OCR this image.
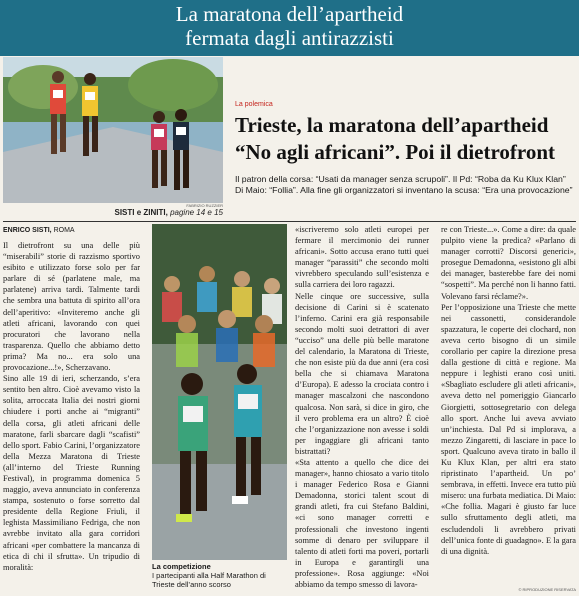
La maratona dell’apartheid
fermata dagli antirazzisti
FABRIZIO RUZZIER
La polemica
Trieste, la maratona dell’apartheid
“No agli africani”. Poi il dietrofront
Il patron della corsa: “Usati da manager senza scrupoli”. Il Pd: “Roba da Ku Klux Klan” Di Maio: “Follia”. Alla fine gli organizzatori si inventano la scusa: “Era una provocazione”
SISTI e ZINITI, pagine 14 e 15
ENRICO SISTI, ROMA

Il dietrofront su una delle più “miserabili” storie di razzismo sportivo esibito e utilizzato forse solo per far parlare di sé (parlatene male, ma parlatene) arriva tardi. Talmente tardi che sembra una battuta di spirito all’ora dell’aperitivo: «Inviteremo anche gli atleti africani, lavorando con quei procuratori che lavorano nella trasparenza. Quello che abbiamo detto prima? Ma no... era solo una provocazione...!», Scherzavano.

Sino alle 19 di ieri, scherzando, s’era sentito ben altro. Cioè avevamo visto la solita, arroccata Italia dei nostri giorni chiudere i porti anche ai “migranti” della corsa, gli atleti africani delle maratone, farli sbarcare dagli “scafisti” dello sport. Fabio Carini, l’organizzatore della Mezza Maratona di Trieste (all’interno del Trieste Running Festival), in programma domenica 5 maggio, aveva annunciato in conferenza stampa, sostenuto o forse sorretto dal presidente della Regione Friuli, il leghista Massimiliano Fedriga, che non avrebbe invitato alla gara corridori africani «per combattere la mancanza di etica di chi il sfrutta». Un tripudio di moralità:	La competizione
I partecipanti alla Half Marathon di Trieste dell’anno scorso

«iscriveremo solo atleti europei per fermare il mercimonio dei runner africani». Sotto accusa erano tutti quei manager “parassiti” che secondo molti vivrebbero speculando sull’esistenza e sulla carriera dei loro ragazzi.

Nelle cinque ore successive, sulla decisione di Carini si è scatenato l’inferno. Carini era già responsabile secondo molti suoi detrattori di aver “ucciso” una delle più belle maratone del calendario, la Maratona di Trieste, che non esiste più da due anni (era così bella che si chiamava Maratona d’Europa). E adesso la crociata contro i manager mascalzoni che nascondono qualcosa. Non sarà, si dice in giro, che il vero problema era un altro? È cioè che l’organizzazione non avesse i soldi per ingaggiare gli africani tanto bistrattati?

«Sta attento a quello che dice dei manager», hanno chiosato a vario titolo i manager Federico Rosa e Gianni Demadonna, storici talent scout di grandi atleti, fra cui Stefano Baldini, «ci sono manager corretti e professionali che investono ingenti somme di denaro per sviluppare il talento di atleti forti ma poveri, portarli in Europa e garantirgli una professione». Rosa aggiunge: «Noi abbiamo da tempo smesso di lavora-

re con Trieste...». Come a dire: da quale pulpito viene la predica? «Parlano di manager corrotti? Discorsi generici», prosegue Demadonna, «esistono gli albi dei manager, basterebbe fare dei nomi “sospetti”. Ma perché non li hanno fatti. Volevano farsi réclame?».

Per l’opposizione una Trieste che mette nei cassonetti, considerandole spazzatura, le coperte dei clochard, non aveva certo bisogno di un simile corollario per capire la direzione presa dalla gestione di città e regione. Ma neppure i leghisti erano così uniti. «Sbagliato escludere gli atleti africani», aveva detto nel pomeriggio Giancarlo Giorgietti, sottosegretario con delega allo sport. Anche lui aveva avviato un’inchiesta. Dal Pd si implorava, a mezzo Zingaretti, di lasciare in pace lo sport. Qualcuno aveva tirato in ballo il Ku Klux Klan, per altri era stato ripristinato l’apartheid. Un po’ sembrava, in effetti. Invece era tutto più misero: una furbata mediatica. Di Maio: «Che follia. Magari è giusto far luce sullo sfruttamento degli atleti, ma escludendoli li avrebbero privati dell’unica fonte di guadagno». E la gara di una dignità.

© RIPRODUZIONE RISERVATA
